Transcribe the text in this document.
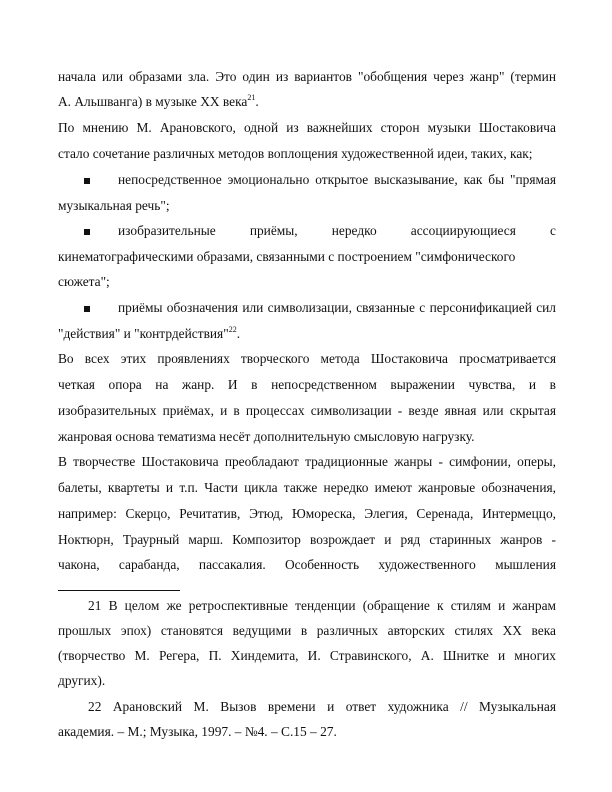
начала или образами зла. Это один из вариантов "обобщения через жанр" (термин
А. Альшванга) в музыке XX века$^{21}$.
По мнению М. Арановского, одной из важнейших сторон музыки Шостаковича
стало сочетание различных методов воплощения художественной идеи, таких, как;
непосредственное эмоционально открытое высказывание, как бы "прямая
музыкальная речь";
изобразительные приёмы, нередко ассоциирующиеся с
кинематографическими образами, связанными с построением "симфонического
сюжета";
приёмы обозначения или символизации, связанные с персонификацией сил
"действия" и "контрдействия"$^{22}$.
Во всех этих проявлениях творческого метода Шостаковича просматривается
четкая опора на жанр. И в непосредственном выражении чувства, и в
изобразительных приёмах, и в процессах символизации - везде явная или скрытая
жанровая основа тематизма несёт дополнительную смысловую нагрузку.
В творчестве Шостаковича преобладают традиционные жанры - симфонии, оперы,
балеты, квартеты и т.п. Части цикла также нередко имеют жанровые обозначения,
например: Скерцо, Речитатив, Этюд, Юмореска, Элегия, Серенада, Интермеццо,
Ноктюрн, Траурный марш. Композитор возрождает и ряд старинных жанров -
чакона, сарабанда, пассакалия. Особенность художественного мышления
21 В целом же ретроспективные тенденции (обращение к стилям и жанрам
прошлых эпох) становятся ведущими в различных авторских стилях XX века
(творчество М. Регера, П. Хиндемита, И. Стравинского, А. Шнитке и многих
других).
22 Арановский М. Вызов времени и ответ художника // Музыкальная
академия. – М.; Музыка, 1997. – №4. – С.15 – 27.
